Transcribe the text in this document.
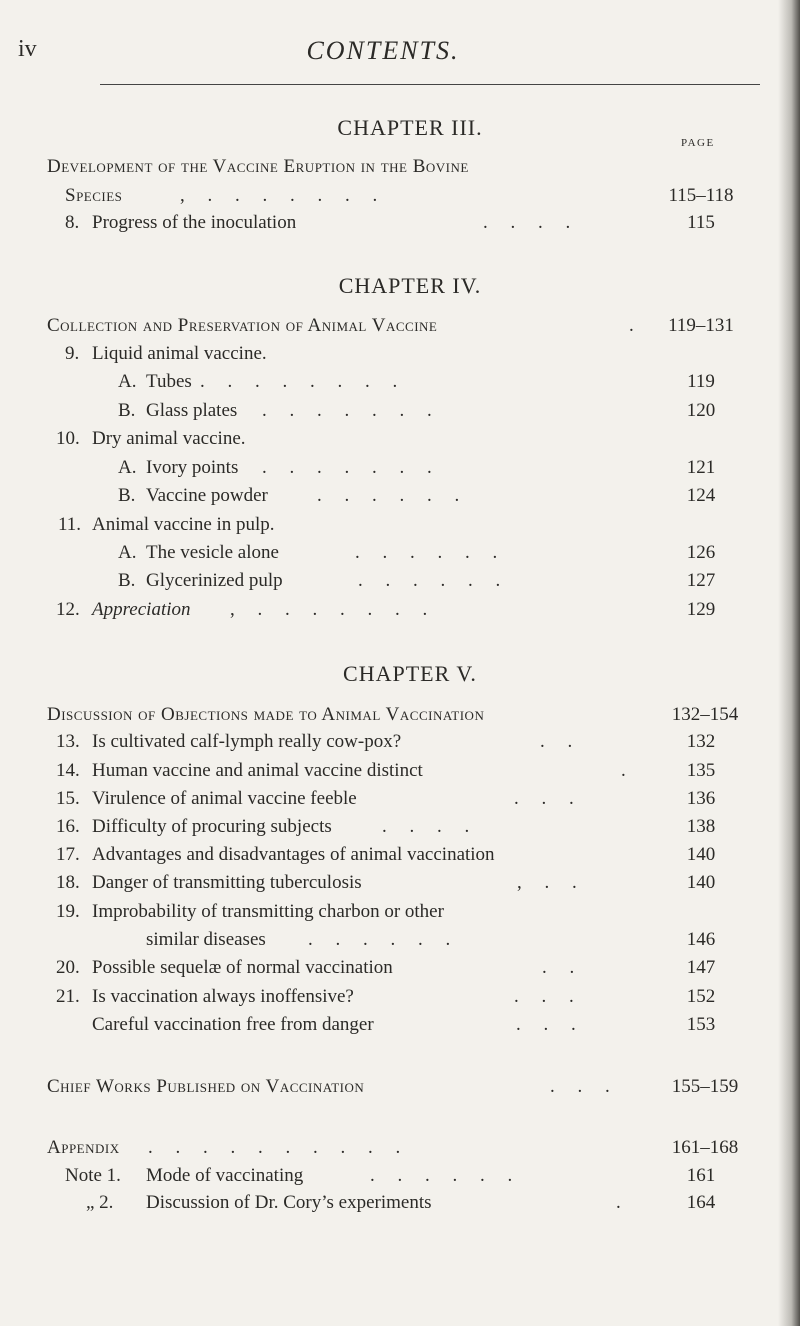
iv	CONTENTS.
CHAPTER III.
PAGE
Development of the Vaccine Eruption in the Bovine
Species	, . . . . . . .	115–118
8. Progress of the inoculation	. . . .	115
CHAPTER IV.
Collection and Preservation of Animal Vaccine	.	119–131
9. Liquid animal vaccine.
A. Tubes . . . . . . . .	119
B. Glass plates . . . . . . .	120
10. Dry animal vaccine.
A. Ivory points . . . . . . .	121
B. Vaccine powder	. . . . . .	124
11. Animal vaccine in pulp.
A. The vesicle alone	. . . . . .	126
B. Glycerinized pulp	. . . . . .	127
12. Appreciation , . . . . . . .	129
CHAPTER V.
Discussion of Objections made to Animal Vaccination	132–154
13. Is cultivated calf-lymph really cow-pox?	. .	132
14. Human vaccine and animal vaccine distinct	.	135
15. Virulence of animal vaccine feeble	. . .	136
16. Difficulty of procuring subjects	. . . .	138
17. Advantages and disadvantages of animal vaccination	140
18. Danger of transmitting tuberculosis	, . .	140
19. Improbability of transmitting charbon or other
similar diseases . . . . . .	146
20. Possible sequelæ of normal vaccination	. .	147
21. Is vaccination always inoffensive?	. . .	152
Careful vaccination free from danger	. . .	153
Chief Works Published on Vaccination	. . .	155–159
Appendix . . . . . . . . . .	161–168
Note 1. Mode of vaccinating	. . . . . .	161
„ 2. Discussion of Dr. Cory’s experiments	.	164
